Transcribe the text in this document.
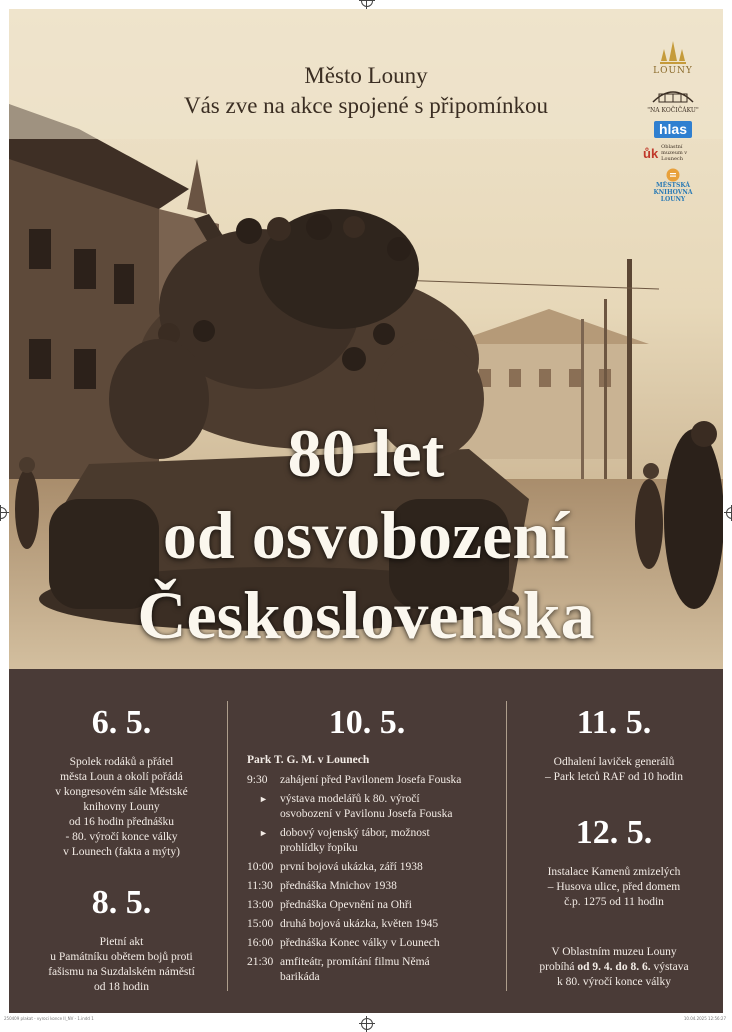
Město Louny
Vás zve na akce spojené s připomínkou
LOUNY
"NA KOČIČÁKU"
hlas
ůk Oblastní muzeum v Lounech
MĚSTSKÁ KNIHOVNA LOUNY
80 let
od osvobození
Československa
6. 5.
Spolek rodáků a přátel
města Loun a okolí pořádá
v kongresovém sále Městské
knihovny Louny
od 16 hodin přednášku
- 80. výročí konce války
v Lounech (fakta a mýty)
8. 5.
Pietní akt
u Památníku obětem bojů proti
fašismu na Suzdalském náměstí
od 18 hodin
10. 5.
Park T. G. M. v Lounech
9:30	zahájení před Pavilonem Josefa Fouska
►	výstava modelářů k 80. výročí osvobození v Pavilonu Josefa Fouska
►	dobový vojenský tábor, možnost prohlídky řopíku
10:00 první bojová ukázka, září 1938
11:30 přednáška Mnichov 1938
13:00 přednáška Opevnění na Ohři
15:00 druhá bojová ukázka, květen 1945
16:00 přednáška Konec války v Lounech
21:30 amfiteátr, promítání filmu Němá barikáda
11. 5.
Odhalení laviček generálů
– Park letců RAF od 10 hodin
12. 5.
Instalace Kamenů zmizelých
– Husova ulice, před domem
č.p. 1275 od 11 hodin
V Oblastním muzeu Louny
probíhá od 9. 4. do 8. 6. výstava
k 80. výročí konce války
250409 plakat - vyroci konce II_NV - 1.indd 1	10.04.2025 12:56:27
